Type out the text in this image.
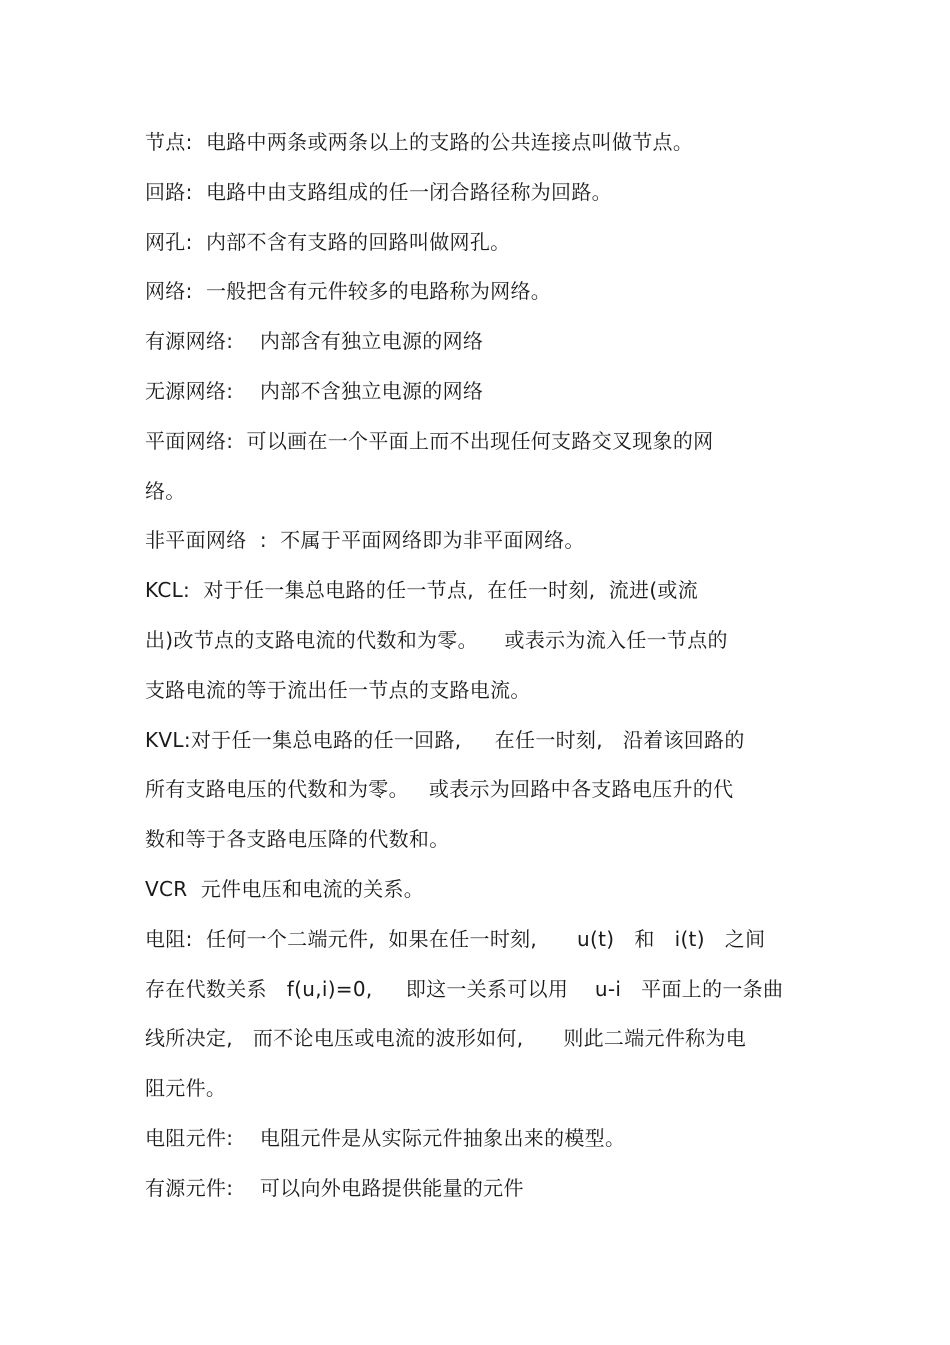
节点:  电路中两条或两条以上的支路的公共连接点叫做节点。
回路:  电路中由支路组成的任一闭合路径称为回路。
网孔:  内部不含有支路的回路叫做网孔。
网络:  一般把含有元件较多的电路称为网络。
有源网络:    内部含有独立电源的网络
无源网络:    内部不含独立电源的网络
平面网络:  可以画在一个平面上而不出现任何支路交叉现象的网
络。
非平面网络  :  不属于平面网络即为非平面网络。
KCL:  对于任一集总电路的任一节点,  在任一时刻,  流进(或流
出)改节点的支路电流的代数和为零。    或表示为流入任一节点的
支路电流的等于流出任一节点的支路电流。
KVL:对于任一集总电路的任一回路,     在任一时刻,   沿着该回路的
所有支路电压的代数和为零。   或表示为回路中各支路电压升的代
数和等于各支路电压降的代数和。
VCR  元件电压和电流的关系。
电阻:  任何一个二端元件,  如果在任一时刻,      u(t)   和   i(t)   之间
存在代数关系   f(u,i)=0,     即这一关系可以用    u-i   平面上的一条曲
线所决定,   而不论电压或电流的波形如何,      则此二端元件称为电
阻元件。
电阻元件:    电阻元件是从实际元件抽象出来的模型。
有源元件:    可以向外电路提供能量的元件
